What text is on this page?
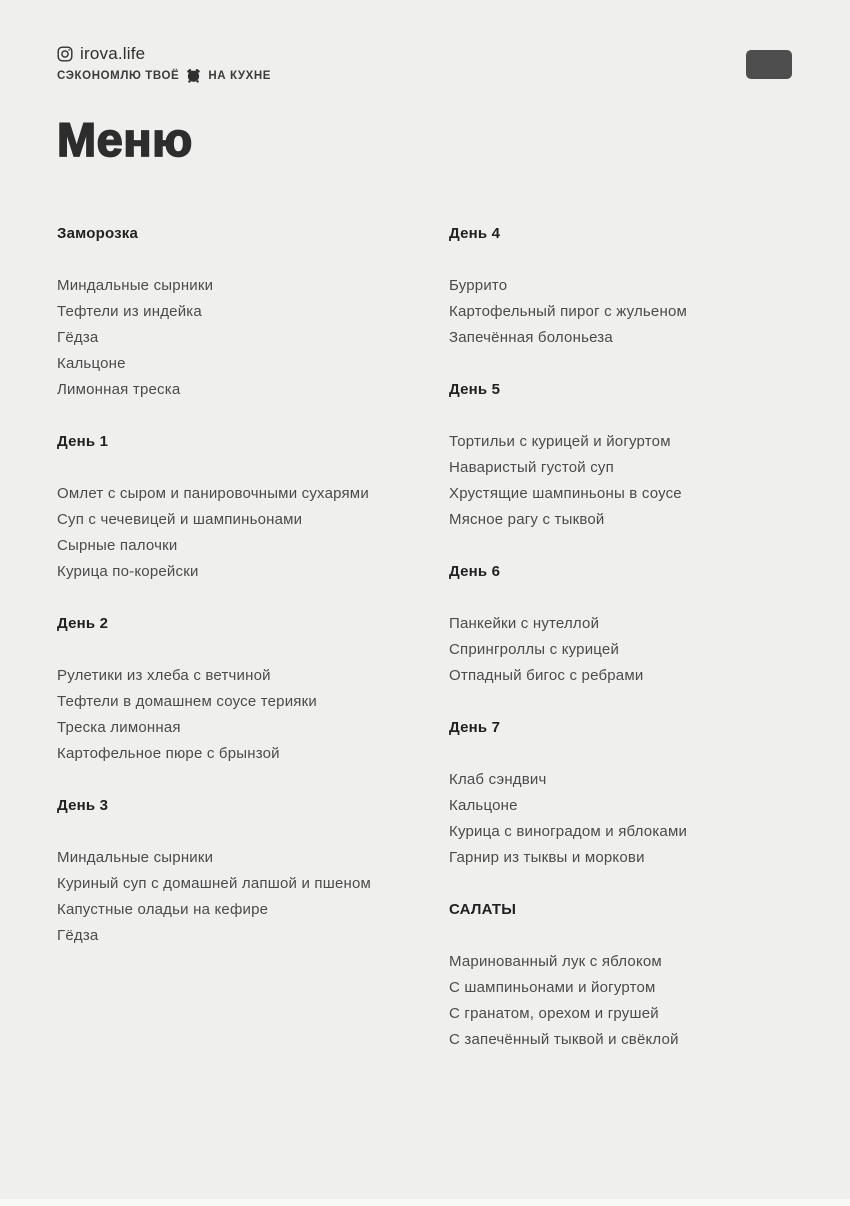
irova.life
СЭКОНОМЛЮ ТВОЁ	НА КУХНЕ
Меню
Заморозка
Миндальные сырники
Тефтели из индейка
Гёдза
Кальцоне
Лимонная треска
День 1
Омлет с сыром и панировочными сухарями
Суп с чечевицей и шампиньонами
Сырные палочки
Курица по-корейски
День 2
Рулетики из хлеба с ветчиной
Тефтели в домашнем соусе терияки
Треска лимонная
Картофельное пюре с брынзой
День 3
Миндальные сырники
Куриный суп с домашней лапшой и пшеном
Капустные оладьи на кефире
Гёдза
День 4
Буррито
Картофельный пирог с жульеном
Запечённая болоньеза
День 5
Тортильи с курицей и йогуртом
Наваристый густой суп
Хрустящие шампиньоны в соусе
Мясное рагу с тыквой
День 6
Панкейки с нутеллой
Спрингроллы с курицей
Отпадный бигос с ребрами
День 7
Клаб сэндвич
Кальцоне
Курица с виноградом и яблоками
Гарнир из тыквы и моркови
САЛАТЫ
Маринованный лук с яблоком
С шампиньонами и йогуртом
С гранатом, орехом и грушей
С запечённый тыквой и свёклой
